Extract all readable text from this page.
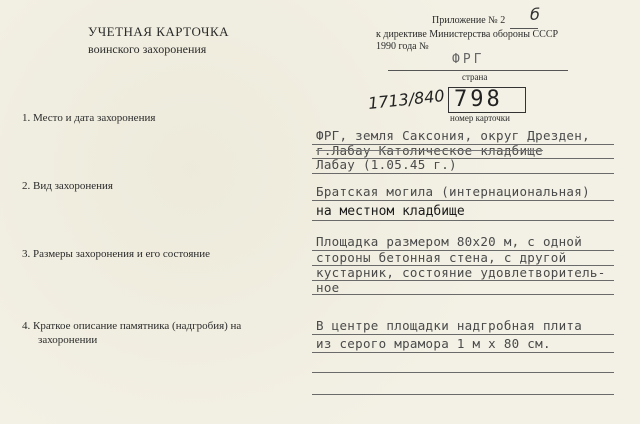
УЧЕТНАЯ КАРТОЧКА
воинского захоронения
Приложение № 2 б
к директиве Министерства обороны СССР
1990 года №
ФРГ
страна
1713/840 798
номер карточки
1. Место и дата захоронения
ФРГ, земля Саксония, округ Дрезден,
г.Лабау Католическое кладбище
Лабау (1.05.45 г.)
2. Вид захоронения	Братская могила (интернациональная)
на местном кладбище
3. Размеры захоронения и его состояние
Площадка размером 80х20 м, с одной
стороны бетонная стена, с другой
кустарник, состояние удовлетворитель-
ное
4. Краткое описание памятника (надгробия) на
захоронении
В центре площадки надгробная плита
из серого мрамора 1 м х 80 см.
